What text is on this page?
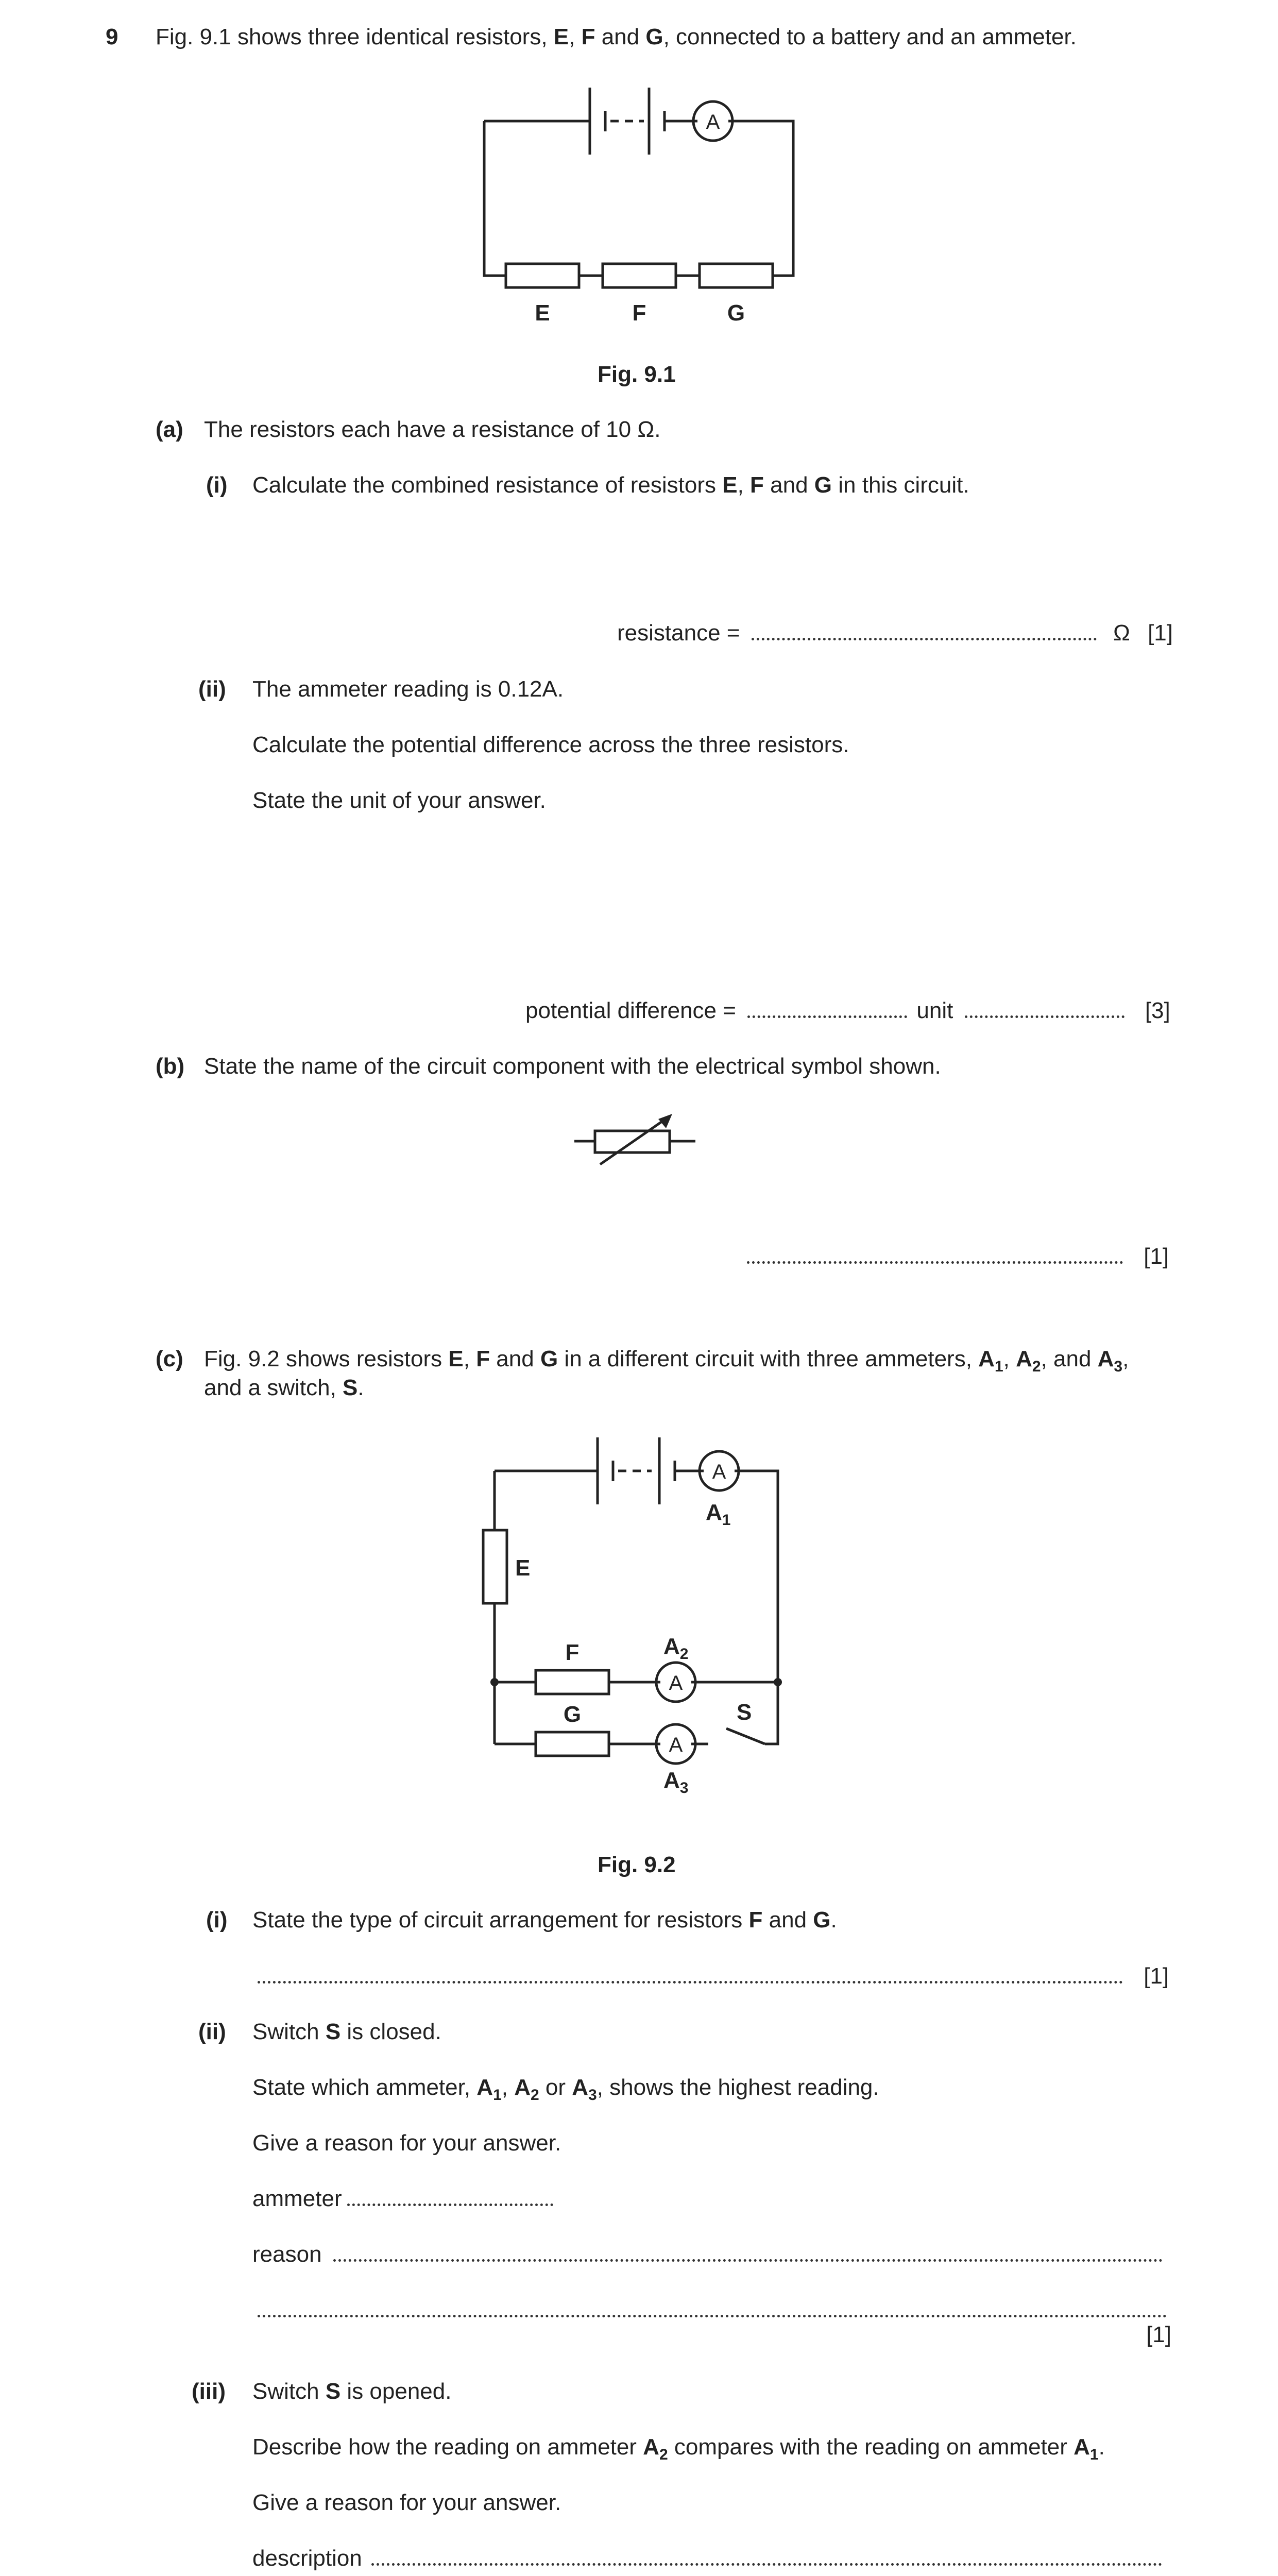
9 Fig. 9.1 shows three identical resistors, E, F and G, connected to a battery and an ammeter.
A
E	F	G
Fig. 9.1
(a) The resistors each have a resistance of 10 Ω.
(i) Calculate the combined resistance of resistors E, F and G in this circuit.
resistance =	Ω [1]
(ii) The ammeter reading is 0.12A.
Calculate the potential difference across the three resistors.
State the unit of your answer.
potential difference =	unit	[3]
(b) State the name of the circuit component with the electrical symbol shown.
[1]
(c) Fig. 9.2 shows resistors E, F and G in a different circuit with three ammeters, $A_1$, $A_2$, and $A_3$,
and a switch, S.
A
A
A
$A_1$
E
$A_2$
F
G	S
$A_3$
Fig. 9.2
(i) State the type of circuit arrangement for resistors F and G.
[1]
(ii) Switch S is closed.
State which ammeter, $A_1$, $A_2$ or $A_3$, shows the highest reading.
Give a reason for your answer.
ammeter
reason
[1]
(iii) Switch S is opened.
Describe how the reading on ammeter $A_2$ compares with the reading on ammeter $A_1$.
Give a reason for your answer.
description
